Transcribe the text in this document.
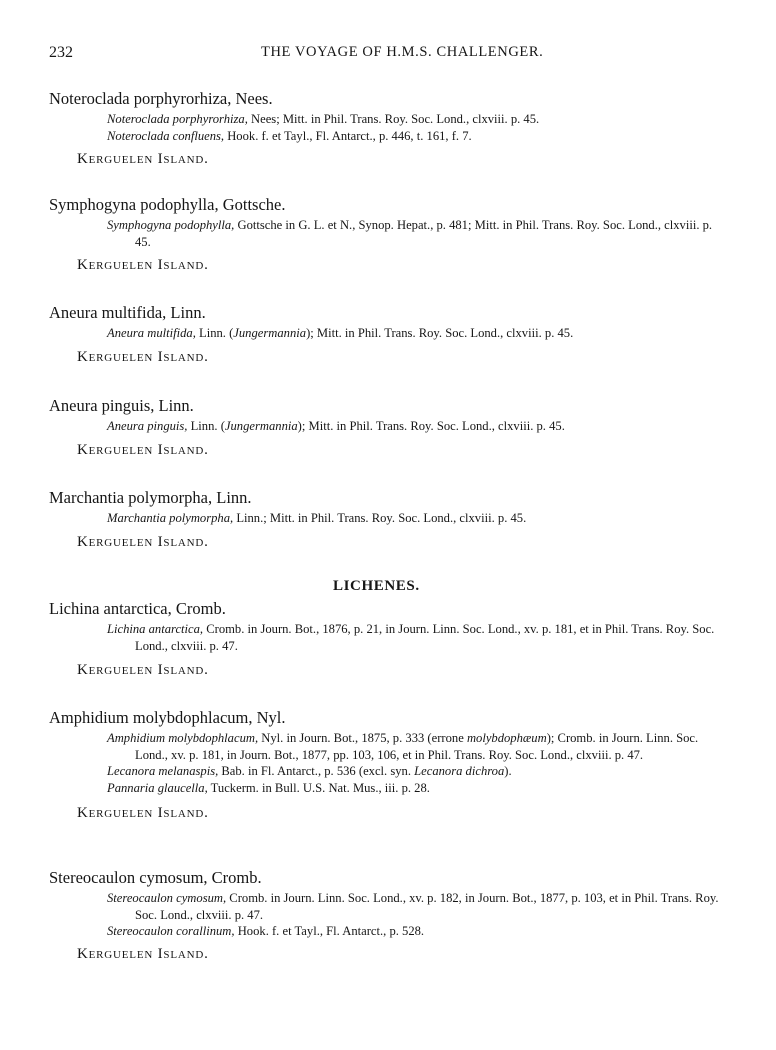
232	THE VOYAGE OF H.M.S. CHALLENGER.
Noteroclada porphyrorhiza, Nees.
Noteroclada porphyrorhiza, Nees; Mitt. in Phil. Trans. Roy. Soc. Lond., clxviii. p. 45.
Noteroclada confluens, Hook. f. et Tayl., Fl. Antarct., p. 446, t. 161, f. 7.
Kerguelen Island.
Symphogyna podophylla, Gottsche.
Symphogyna podophylla, Gottsche in G. L. et N., Synop. Hepat., p. 481; Mitt. in Phil. Trans. Roy. Soc. Lond., clxviii. p. 45.
Kerguelen Island.
Aneura multifida, Linn.
Aneura multifida, Linn. (Jungermannia); Mitt. in Phil. Trans. Roy. Soc. Lond., clxviii. p. 45.
Kerguelen Island.
Aneura pinguis, Linn.
Aneura pinguis, Linn. (Jungermannia); Mitt. in Phil. Trans. Roy. Soc. Lond., clxviii. p. 45.
Kerguelen Island.
Marchantia polymorpha, Linn.
Marchantia polymorpha, Linn.; Mitt. in Phil. Trans. Roy. Soc. Lond., clxviii. p. 45.
Kerguelen Island.
LICHENES.
Lichina antarctica, Cromb.
Lichina antarctica, Cromb. in Journ. Bot., 1876, p. 21, in Journ. Linn. Soc. Lond., xv. p. 181, et in Phil. Trans. Roy. Soc. Lond., clxviii. p. 47.
Kerguelen Island.
Amphidium molybdophlacum, Nyl.
Amphidium molybdophlacum, Nyl. in Journ. Bot., 1875, p. 333 (errone molybdophæum); Cromb. in Journ. Linn. Soc. Lond., xv. p. 181, in Journ. Bot., 1877, pp. 103, 106, et in Phil. Trans. Roy. Soc. Lond., clxviii. p. 47.
Lecanora melanaspis, Bab. in Fl. Antarct., p. 536 (excl. syn. Lecanora dichroa).
Pannaria glaucella, Tuckerm. in Bull. U.S. Nat. Mus., iii. p. 28.
Kerguelen Island.
Stereocaulon cymosum, Cromb.
Stereocaulon cymosum, Cromb. in Journ. Linn. Soc. Lond., xv. p. 182, in Journ. Bot., 1877, p. 103, et in Phil. Trans. Roy. Soc. Lond., clxviii. p. 47.
Stereocaulon corallinum, Hook. f. et Tayl., Fl. Antarct., p. 528.
Kerguelen Island.
